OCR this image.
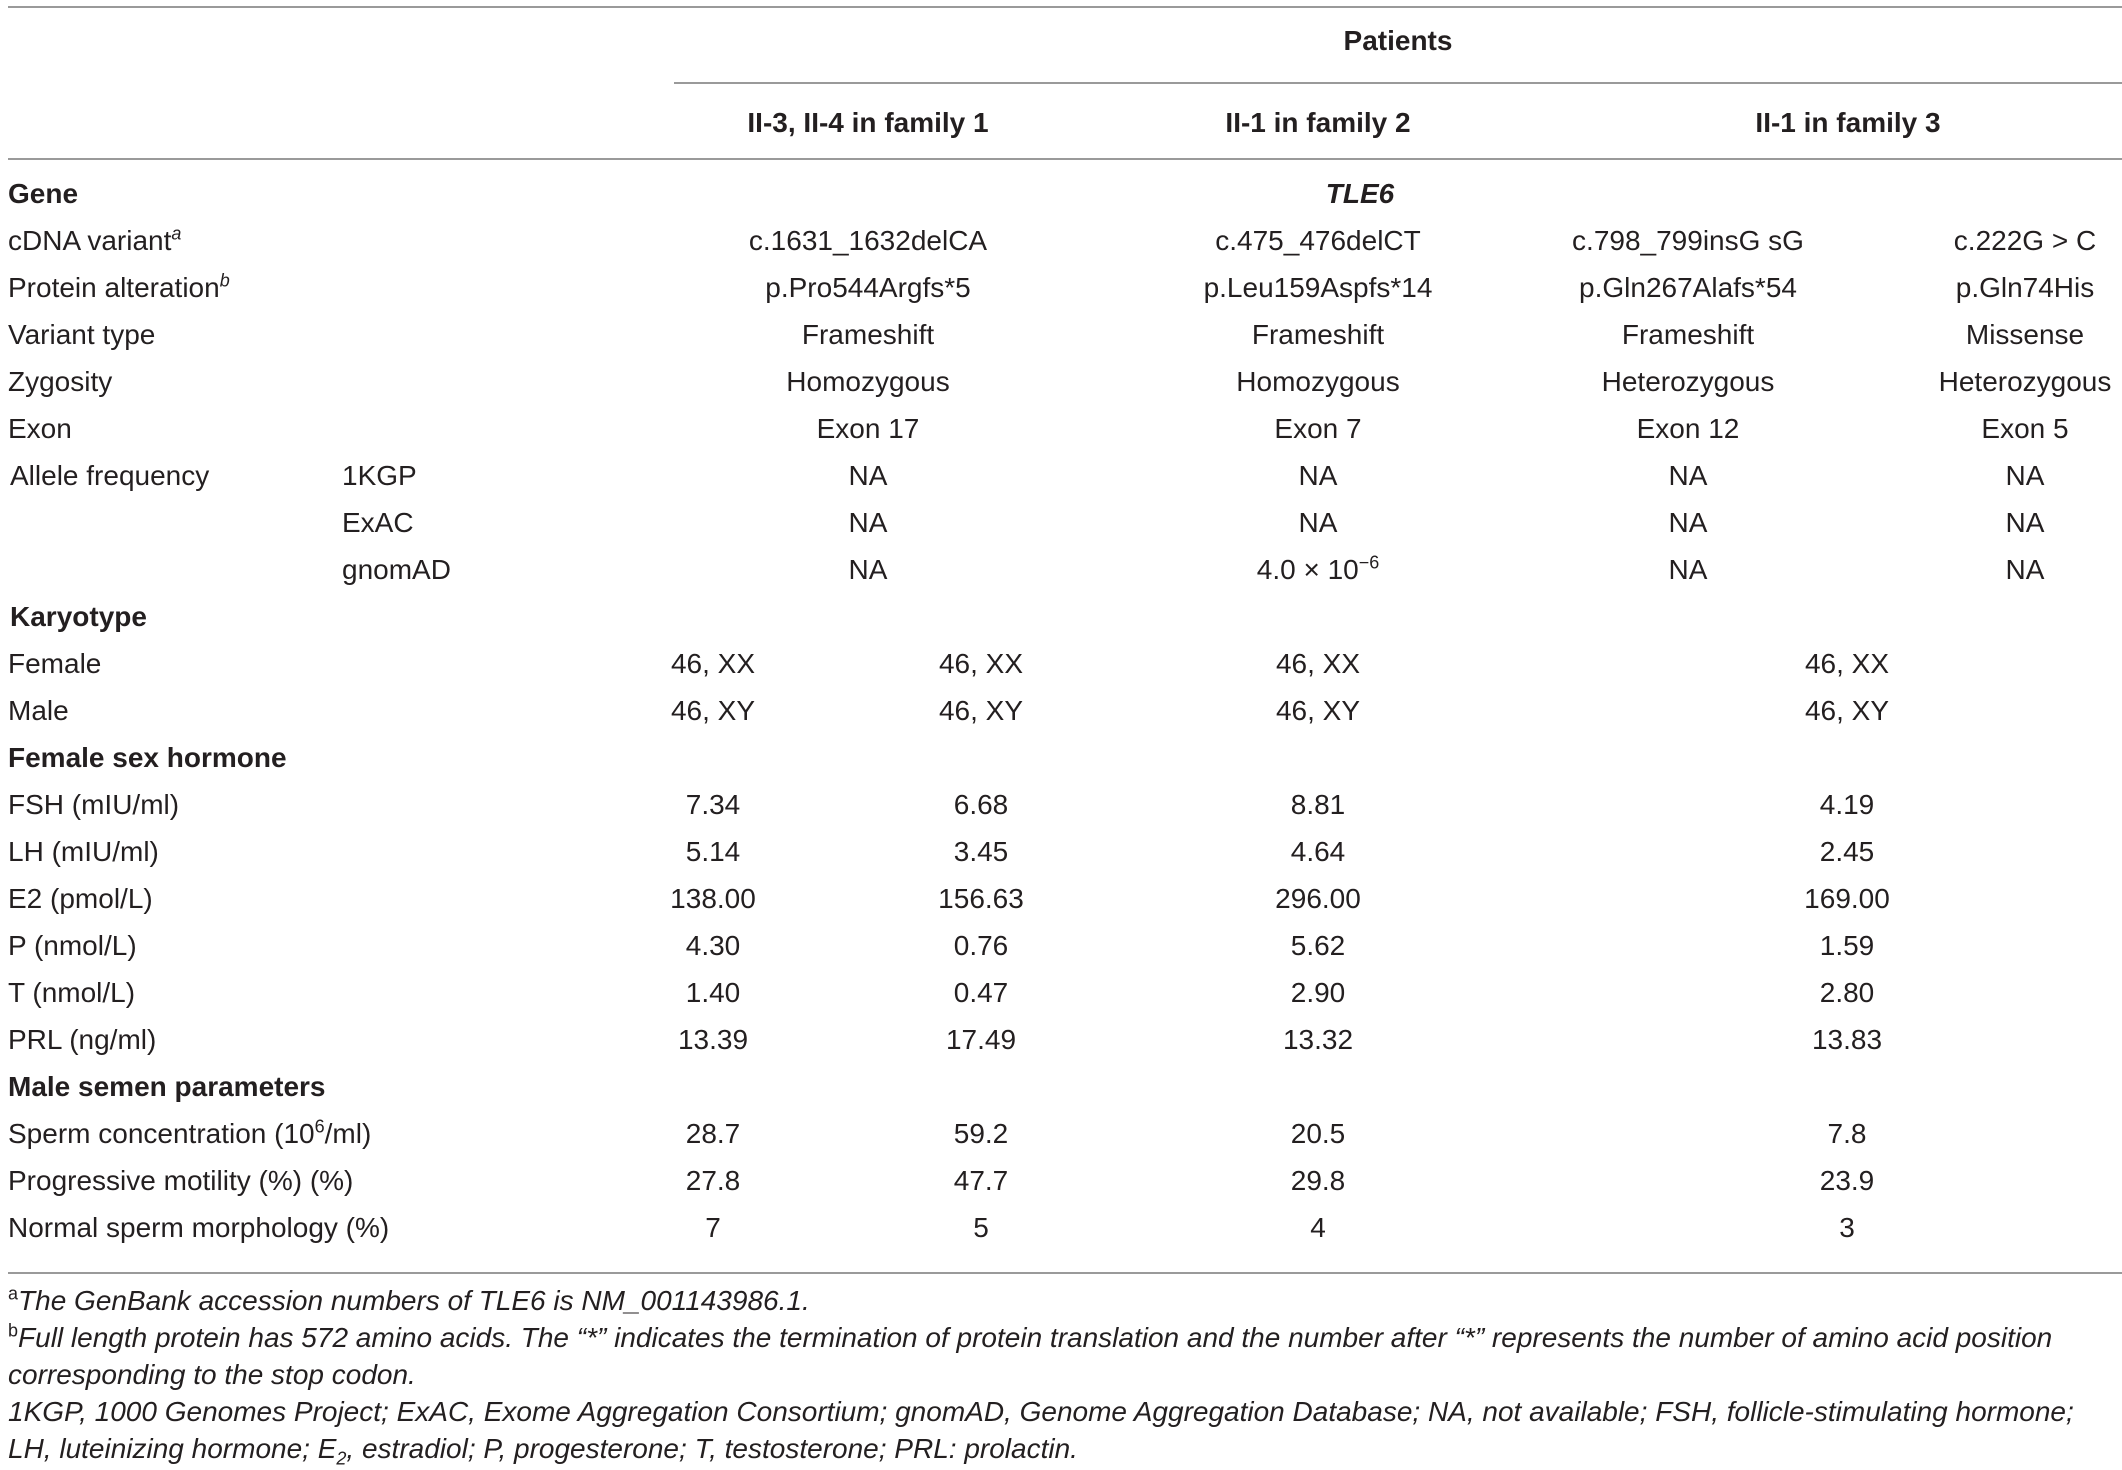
Patients
II-3, II-4 in family 1	II-1 in family 2	II-1 in family 3
Gene	TLE6
cDNA variant$^a$	c.1631_1632delCA	c.475_476delCT	c.798_799insG sG	c.222G > C
Protein alteration$^b$	p.Pro544Argfs*5	p.Leu159Aspfs*14	p.Gln267Alafs*54	p.Gln74His
Variant type	Frameshift	Frameshift	Frameshift	Missense
Zygosity	Homozygous	Homozygous	Heterozygous	Heterozygous
Exon	Exon 17	Exon 7	Exon 12	Exon 5
Allele frequency	1KGP	NA	NA	NA	NA
ExAC	NA	NA	NA	NA
gnomAD	NA	$4.0 \times 10^{-6}$	NA	NA
Karyotype
Female	46, XX	46, XX	46, XX	46, XX
Male	46, XY	46, XY	46, XY	46, XY
Female sex hormone
FSH (mIU/ml)	7.34	6.68	8.81	4.19
LH (mIU/ml)	5.14	3.45	4.64	2.45
E2 (pmol/L)	138.00	156.63	296.00	169.00
P (nmol/L)	4.30	0.76	5.62	1.59
T (nmol/L)	1.40	0.47	2.90	2.80
PRL (ng/ml)	13.39	17.49	13.32	13.83
Male semen parameters
Sperm concentration $(10^6/ml)$	28.7	59.2	20.5	7.8
Progressive motility (%) (%)	27.8	47.7	29.8	23.9
Normal sperm morphology (%)	7	5	4	3
$^a$The GenBank accession numbers of TLE6 is NM_001143986.1.
$^b$Full length protein has 572 amino acids. The “*” indicates the termination of protein translation and the number after “*” represents the number of amino acid position corresponding to the stop codon.
1KGP, 1000 Genomes Project; ExAC, Exome Aggregation Consortium; gnomAD, Genome Aggregation Database; NA, not available; FSH, follicle-stimulating hormone; LH, luteinizing hormone; $E_2$, estradiol; P, progesterone; T, testosterone; PRL: prolactin.
